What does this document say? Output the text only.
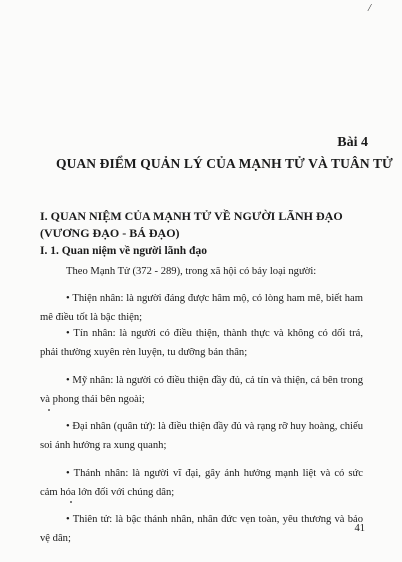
/
Bài 4
QUAN ĐIỂM QUẢN LÝ CỦA MẠNH TỬ VÀ TUÂN TỬ
I. QUAN NIỆM CỦA MẠNH TỬ VỀ NGƯỜI LÃNH ĐẠO
(VƯƠNG ĐẠO - BÁ ĐẠO)
I. 1. Quan niệm về người lãnh đạo
Theo Mạnh Tử (372 - 289), trong xã hội có bảy loại người:
• Thiện nhân: là người đáng được hâm mộ, có lòng ham mê, biết ham mê điều tốt là bậc thiện;
• Tín nhân: là người có điều thiện, thành thực và không có dối trá, phải thường xuyên rèn luyện, tu dưỡng bản thân;
• Mỹ nhân: là người có điều thiện đầy đủ, cả tín và thiện, cả bên trong và phong thái bên ngoài;
• Đại nhân (quân tử): là điều thiện đầy đủ và rạng rỡ huy hoàng, chiếu soi ánh hưởng ra xung quanh;
• Thánh nhân: là người vĩ đại, gây ảnh hưởng mạnh liệt và có sức cảm hóa lớn đối với chúng dân;
• Thiên tử: là bậc thánh nhân, nhân đức vẹn toàn, yêu thương và bảo vệ dân;
41
